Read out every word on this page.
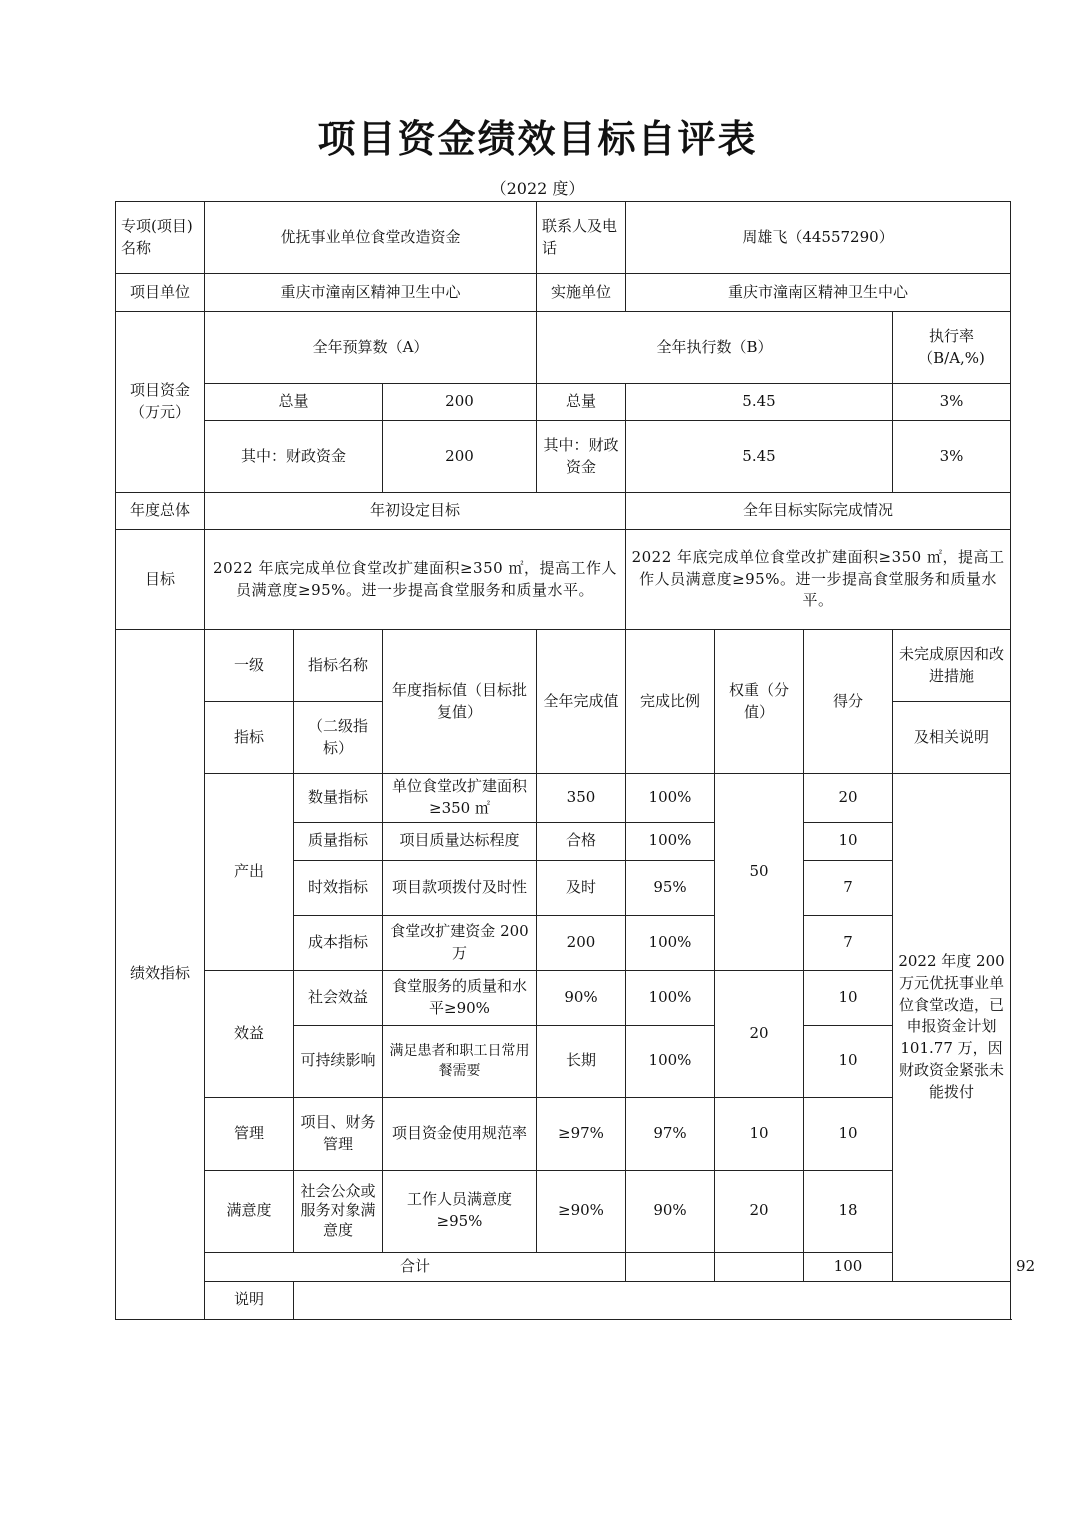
项目资金绩效目标自评表
（2022 度）
专项(项目)名称	优抚事业单位食堂改造资金			联系人及电话	周雄飞（44557290）				
项目单位	重庆市潼南区精神卫生中心			实施单位	重庆市潼南区精神卫生中心				
项目资金（万元）	全年预算数（A）			全年执行数（B）				执行率
（B/A,%)	

	总量		200	总量	5.45			3%	
	其中：财政资金		200	其中：财政资金	5.45			3%	
年度总体	年初设定目标				全年目标实际完成情况				
目标	2022 年底完成单位食堂改扩建面积≥350 ㎡，提高工作人员满意度≥95%。进一步提高食堂服务和质量水平。				2022 年底完成单位食堂改扩建面积≥350 ㎡，提高工作人员满意度≥95%。进一步提高食堂服务和质量水平。				
绩效指标	一级	指标名称	年度指标值（目标批复值）	全年完成值	完成比例	权重（分值）	得分	未完成原因和改进措施	
	指标	（二级指标）						及相关说明	
	产出	数量指标	单位食堂改扩建面积≥350 ㎡	350	100%	50	20	2022 年度 200 万元优抚事业单位食堂改造，已申报资金计划 101.77 万，因财政资金紧张未能拨付	
		质量指标	项目质量达标程度	合格	100%		10		
		时效指标	项目款项拨付及时性	及时	95%		7		
		成本指标	食堂改扩建资金 200 万	200	100%		7		
	效益	社会效益	食堂服务的质量和水平≥90%	90%	100%	20	10		
		可持续影响	满足患者和职工日常用餐需要	长期	100%		10		
	管理	项目、财务管理	项目资金使用规范率	≥97%	97%	10	10		
	满意度	社会公众或服务对象满意度	工作人员满意度≥95%	≥90%	90%	20	18		
	合计						100		92	
	说明								
